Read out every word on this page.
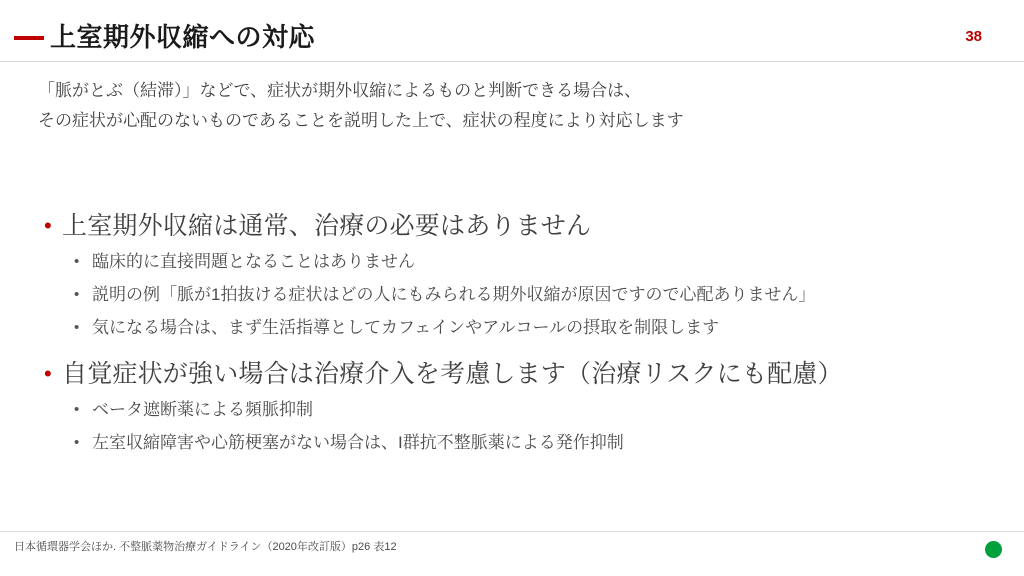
上室期外収縮への対応	38
「脈がとぶ（結滞）」などで、症状が期外収縮によるものと判断できる場合は、
その症状が心配のないものであることを説明した上で、症状の程度により対応します
• 上室期外収縮は通常、治療の必要はありません
• 臨床的に直接問題となることはありません
• 説明の例「脈が1拍抜ける症状はどの人にもみられる期外収縮が原因ですので心配ありません」
• 気になる場合は、まず生活指導としてカフェインやアルコールの摂取を制限します
• 自覚症状が強い場合は治療介入を考慮します（治療リスクにも配慮）
• ベータ遮断薬による頻脈抑制
• 左室収縮障害や心筋梗塞がない場合は、I群抗不整脈薬による発作抑制
日本循環器学会ほか. 不整脈薬物治療ガイドライン（2020年改訂版）p26 表12
